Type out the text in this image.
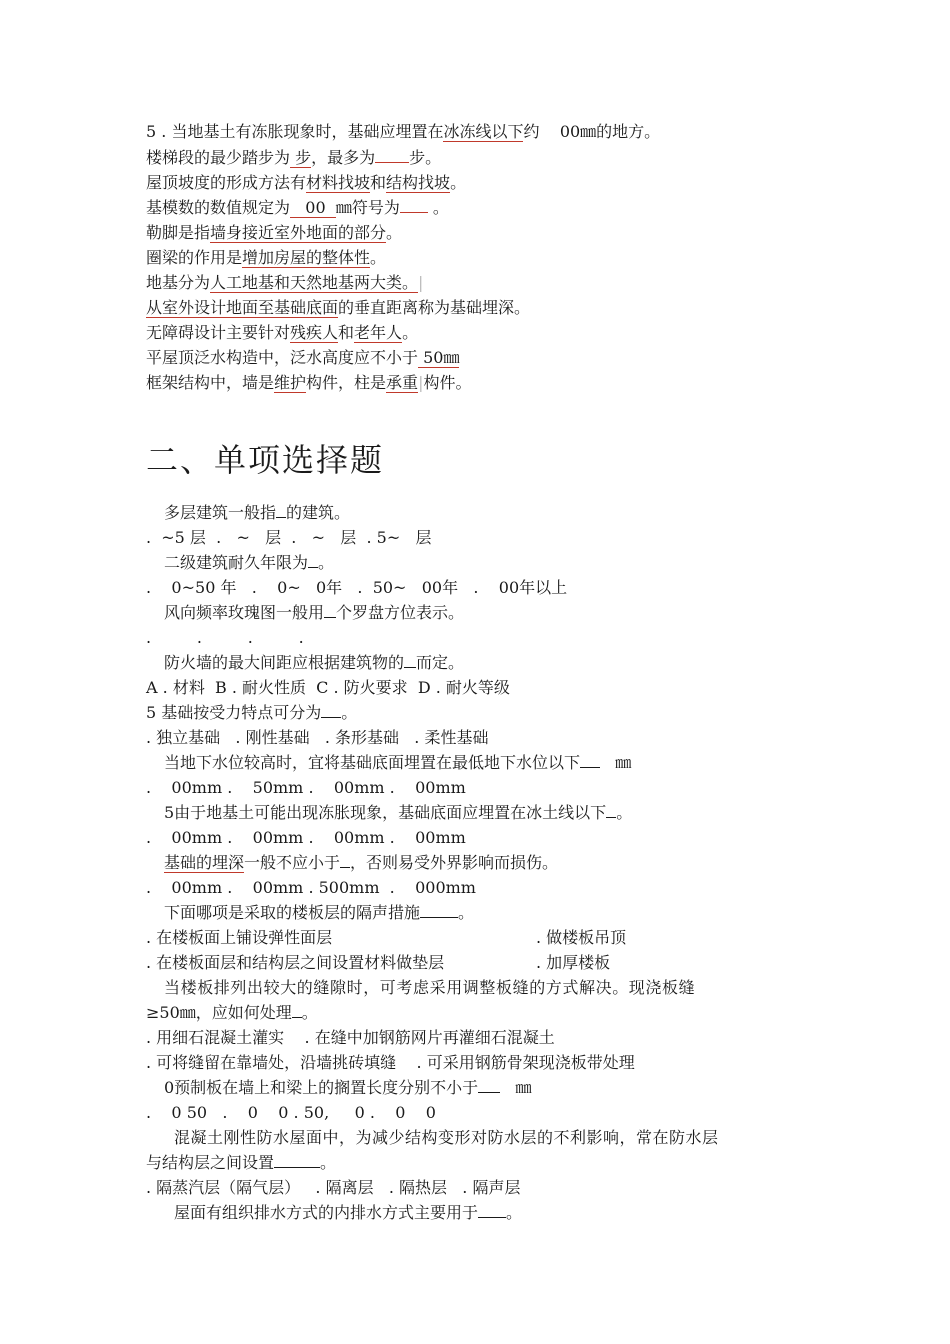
5 . 当地基土有冻胀现象时，基础应埋置在冰冻线以下约    00㎜的地方。
楼梯段的最少踏步为 步，最多为 步。
屋顶坡度的形成方法有材料找坡和结构找坡。
基模数的数值规定为   00  ㎜符号为 。
勒脚是指墙身接近室外地面的部分。
圈梁的作用是增加房屋的整体性。
地基分为人工地基和天然地基两大类。|
从室外设计地面至基础底面的垂直距离称为基础埋深。
无障碍设计主要针对残疾人和老年人。
平屋顶泛水构造中，泛水高度应不小于 50㎜
框架结构中，墙是维护构件，柱是承重|构件。
二、单项选择题
多层建筑一般指 的建筑。
.  ~5 层  .   ~   层  .   ~   层  . 5~   层
二级建筑耐久年限为 。
.    0~50 年   .    0~   0年   .  50~   00年   .    00年以上
风向频率玫瑰图一般用 个罗盘方位表示。
.         .         .         .
防火墙的最大间距应根据建筑物的 而定。
A . 材料  B . 耐火性质  C . 防火要求  D . 耐火等级
5 基础按受力特点可分为 。
. 独立基础   . 刚性基础   . 条形基础   . 柔性基础
当地下水位较高时，宜将基础底面埋置在最低地下水位以下   ㎜
.    00mm .    50mm .    00mm .    00mm
5由于地基土可能出现冻胀现象，基础底面应埋置在冰土线以下 。
.    00mm .    00mm .    00mm .    00mm
基础的埋深一般不应小于 ，否则易受外界影响而损伤。
.    00mm .    00mm . 500mm  .    000mm
下面哪项是采取的楼板层的隔声措施 。
. 在楼板面上铺设弹性面层	. 做楼板吊顶
. 在楼板面层和结构层之间设置材料做垫层	. 加厚楼板
当楼板排列出较大的缝隙时，可考虑采用调整板缝的方式解决。现浇板缝
≥50㎜，应如何处理 。
. 用细石混凝土灌实    . 在缝中加钢筋网片再灌细石混凝土
. 可将缝留在靠墙处，沿墙挑砖填缝    . 可采用钢筋骨架现浇板带处理
0预制板在墙上和梁上的搁置长度分别不小于   ㎜
.    0 50   .    0    0 . 50,     0 .    0    0
混凝土刚性防水屋面中，为减少结构变形对防水层的不利影响，常在防水层
与结构层之间设置	。
. 隔蒸汽层（隔气层）   . 隔离层   . 隔热层   . 隔声层
屋面有组织排水方式的内排水方式主要用于 。
